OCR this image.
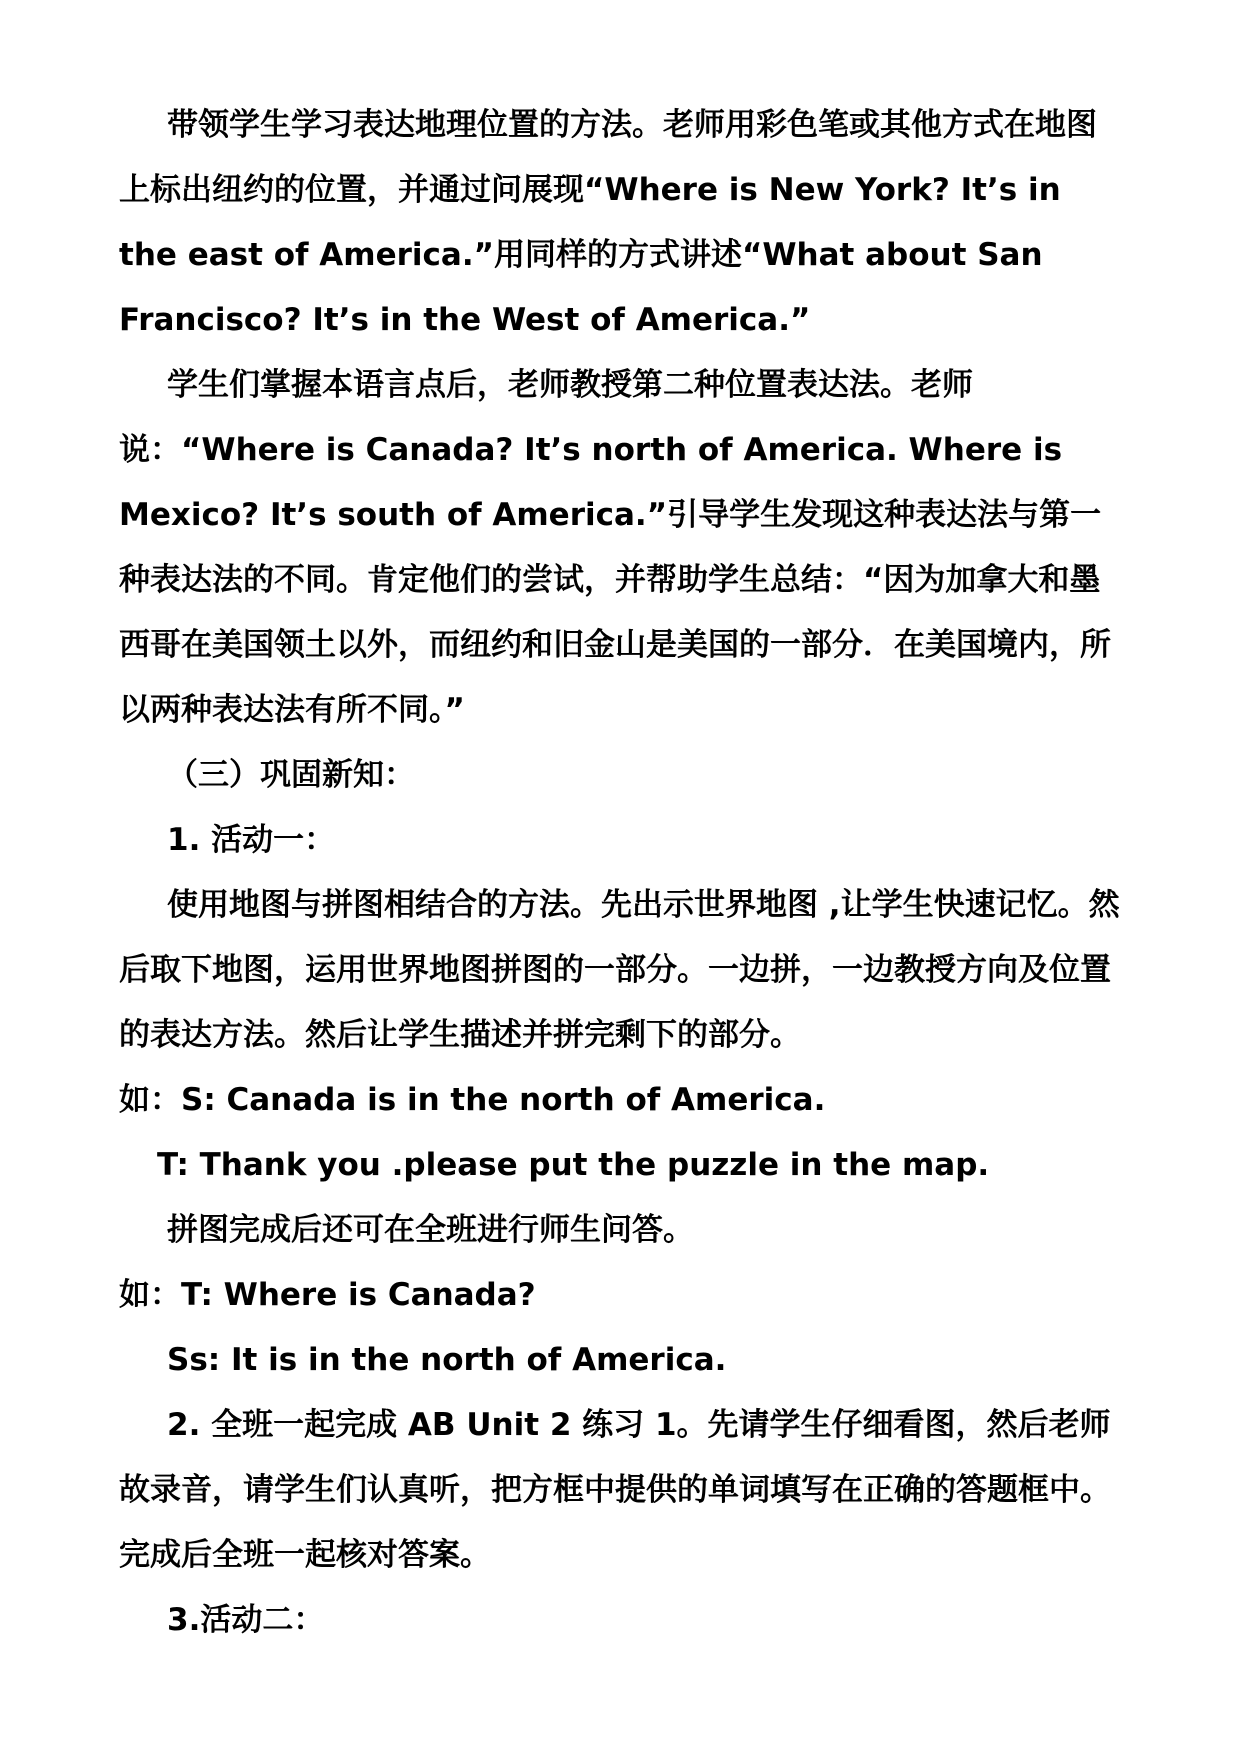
带领学生学习表达地理位置的方法。老师用彩色笔或其他方式在地图上标出纽约的位置，并通过问展现“Where is New York? It’s in the east of America.”用同样的方式讲述“What about San Francisco? It’s in the West of America.”

学生们掌握本语言点后，老师教授第二种位置表达法。老师说：“Where is Canada? It’s north of America. Where is Mexico? It’s south of America.”引导学生发现这种表达法与第一种表达法的不同。肯定他们的尝试，并帮助学生总结：“因为加拿大和墨西哥在美国领土以外，而纽约和旧金山是美国的一部分．在美国境内，所以两种表达法有所不同。”

（三）巩固新知：

1. 活动一：

使用地图与拼图相结合的方法。先出示世界地图 ,让学生快速记忆。然后取下地图，运用世界地图拼图的一部分。一边拼，一边教授方向及位置的表达方法。然后让学生描述并拼完剩下的部分。

如：S: Canada is in the north of America.

T: Thank you .please put the puzzle in the map.

拼图完成后还可在全班进行师生问答。

如：T: Where is Canada?

Ss: It is in the north of America.

2. 全班一起完成 AB Unit 2 练习 1。先请学生仔细看图，然后老师故录音，请学生们认真听，把方框中提供的单词填写在正确的答题框中。完成后全班一起核对答案。

3.活动二：
